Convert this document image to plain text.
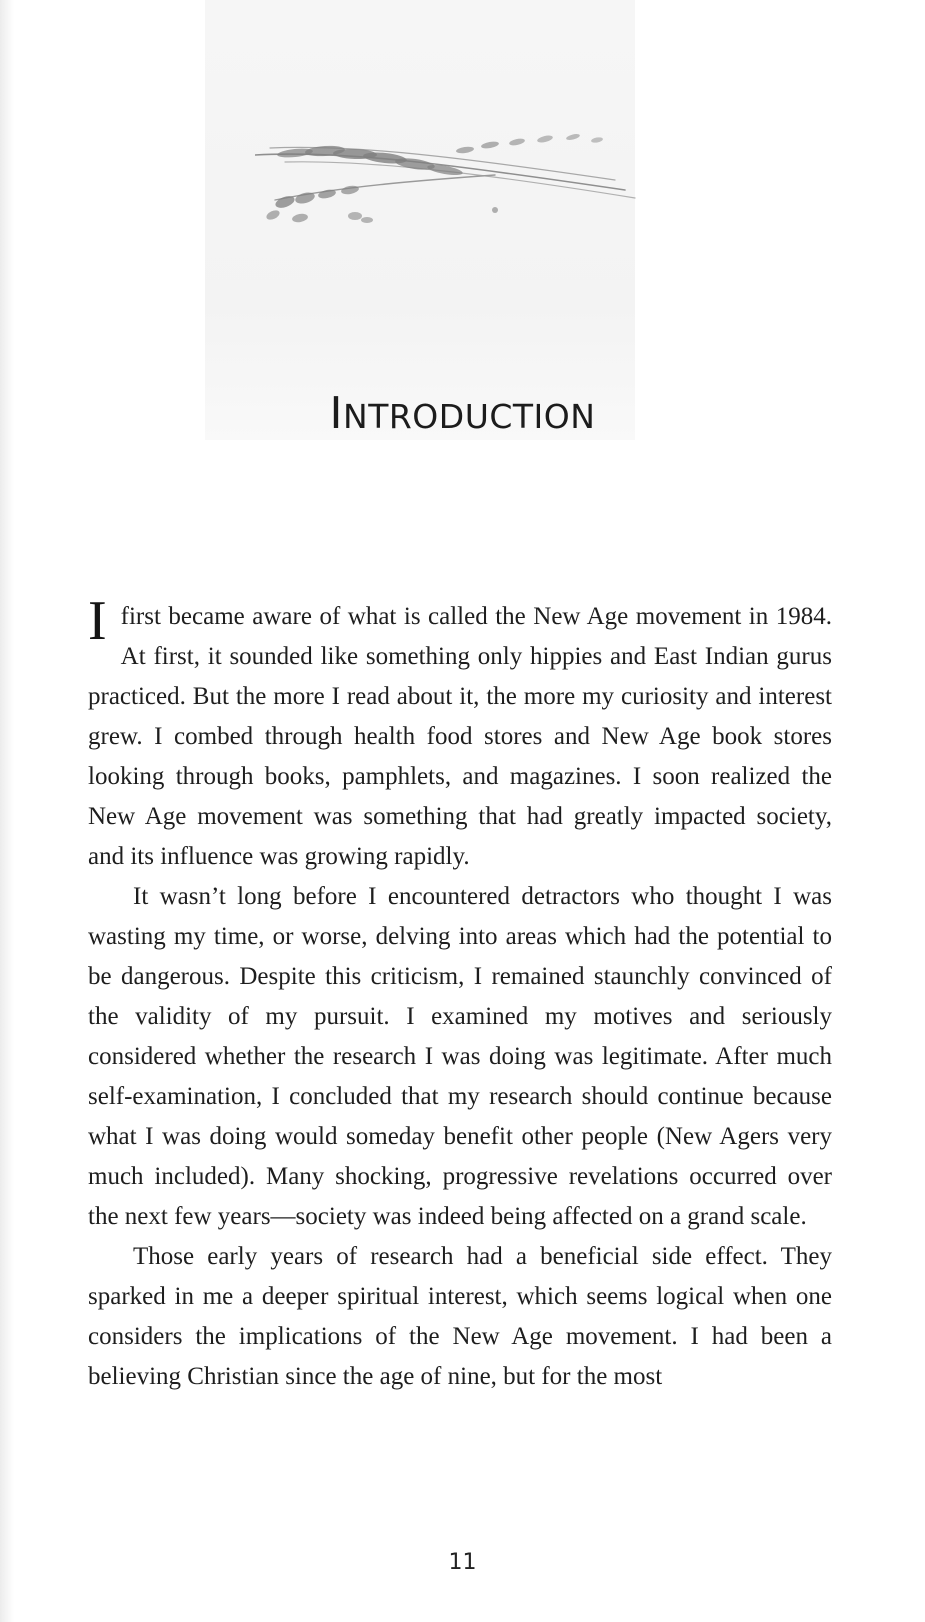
INTRODUCTION

Ifirst became aware of what is called the New Age movement in 1984. At first, it sounded like something only hippies and East Indian gurus practiced. But the more I read about it, the more my curiosity and interest grew. I combed through health food stores and New Age book stores looking through books, pamphlets, and magazines. I soon realized the New Age movement was something that had greatly impacted society, and its influence was growing rapidly.

It wasn’t long before I encountered detractors who thought I was wasting my time, or worse, delving into areas which had the potential to be dangerous. Despite this criticism, I remained staunchly convinced of the validity of my pursuit. I examined my motives and seriously considered whether the research I was doing was legitimate. After much self-examination, I concluded that my research should continue because what I was doing would someday benefit other people (New Agers very much included). Many shocking, progressive revelations occurred over the next few years—society was indeed being affected on a grand scale.

Those early years of research had a beneficial side effect. They sparked in me a deeper spiritual interest, which seems logical when one considers the implications of the New Age movement. I had been a believing Christian since the age of nine, but for the most

11
